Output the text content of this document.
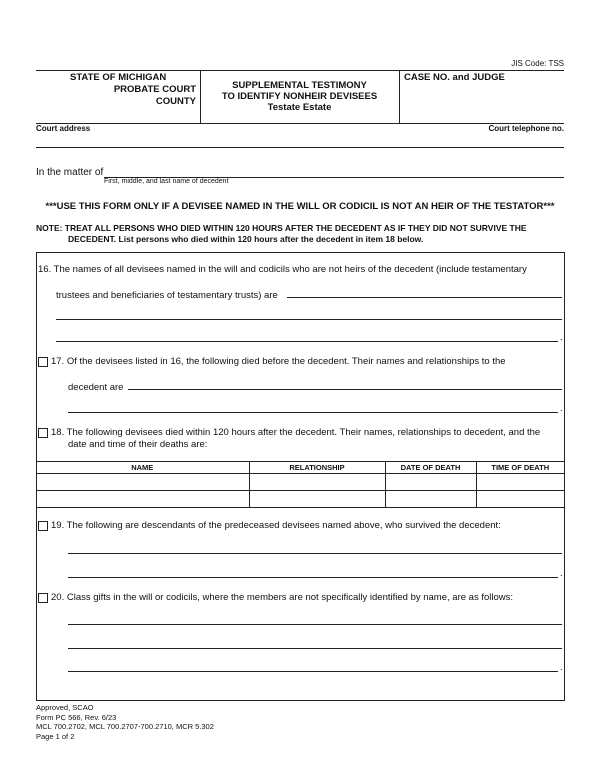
JIS Code: TSS
STATE OF MICHIGAN
PROBATE COURT
COUNTY
SUPPLEMENTAL TESTIMONY
TO IDENTIFY NONHEIR DEVISEES
Testate Estate
CASE NO. and JUDGE
Court address	Court telephone no.
In the matter of
First, middle, and last name of decedent
***USE THIS FORM ONLY IF A DEVISEE NAMED IN THE WILL OR CODICIL IS NOT AN HEIR OF THE TESTATOR***
NOTE: TREAT ALL PERSONS WHO DIED WITHIN 120 HOURS AFTER THE DECEDENT AS IF THEY DID NOT SURVIVE THE
DECEDENT. List persons who died within 120 hours after the decedent in item 18 below.
16. The names of all devisees named in the will and codicils who are not heirs of the decedent (include testamentary
trustees and beneficiaries of testamentary trusts) are
.
17. Of the devisees listed in 16, the following died before the decedent. Their names and relationships to the
decedent are
.
18. The following devisees died within 120 hours after the decedent. Their names, relationships to decedent, and the
date and time of their deaths are:
NAME	RELATIONSHIP	DATE OF DEATH	TIME OF DEATH

19. The following are descendants of the predeceased devisees named above, who survived the decedent:
.
20. Class gifts in the will or codicils, where the members are not specifically identified by name, are as follows:
.
Approved, SCAO
Form PC 566, Rev. 6/23
MCL 700.2702, MCL 700.2707-700.2710, MCR 5.302
Page 1 of 2
